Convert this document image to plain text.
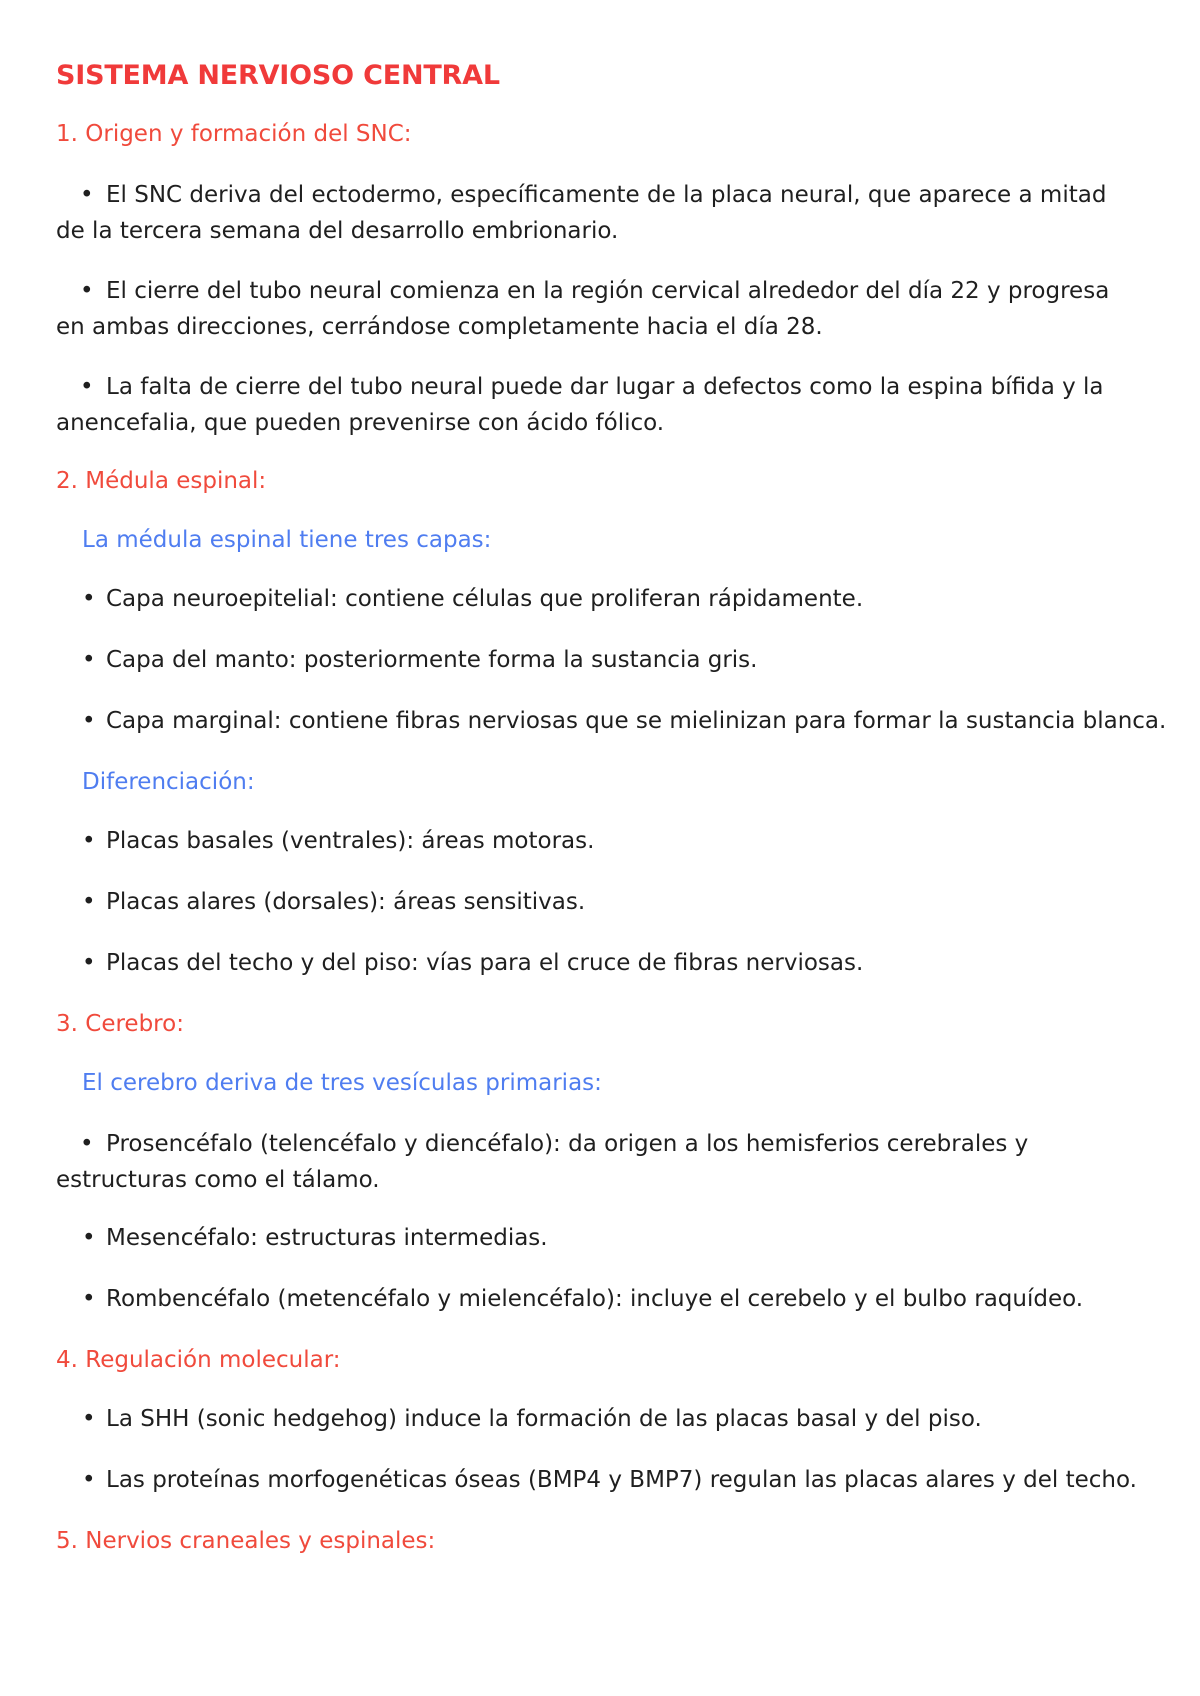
SISTEMA NERVIOSO CENTRAL
1. Origen y formación del SNC:
• El SNC deriva del ectodermo, específicamente de la placa neural, que aparece a mitad de la tercera semana del desarrollo embrionario.
• El cierre del tubo neural comienza en la región cervical alrededor del día 22 y progresa en ambas direcciones, cerrándose completamente hacia el día 28.
• La falta de cierre del tubo neural puede dar lugar a defectos como la espina bífida y la anencefalia, que pueden prevenirse con ácido fólico.
2. Médula espinal:
La médula espinal tiene tres capas:
• Capa neuroepitelial: contiene células que proliferan rápidamente.
• Capa del manto: posteriormente forma la sustancia gris.
• Capa marginal: contiene fibras nerviosas que se mielinizan para formar la sustancia blanca.
Diferenciación:
• Placas basales (ventrales): áreas motoras.
• Placas alares (dorsales): áreas sensitivas.
• Placas del techo y del piso: vías para el cruce de fibras nerviosas.
3. Cerebro:
El cerebro deriva de tres vesículas primarias:
• Prosencéfalo (telencéfalo y diencéfalo): da origen a los hemisferios cerebrales y estructuras como el tálamo.
• Mesencéfalo: estructuras intermedias.
• Rombencéfalo (metencéfalo y mielencéfalo): incluye el cerebelo y el bulbo raquídeo.
4. Regulación molecular:
• La SHH (sonic hedgehog) induce la formación de las placas basal y del piso.
• Las proteínas morfogenéticas óseas (BMP4 y BMP7) regulan las placas alares y del techo.
5. Nervios craneales y espinales:
